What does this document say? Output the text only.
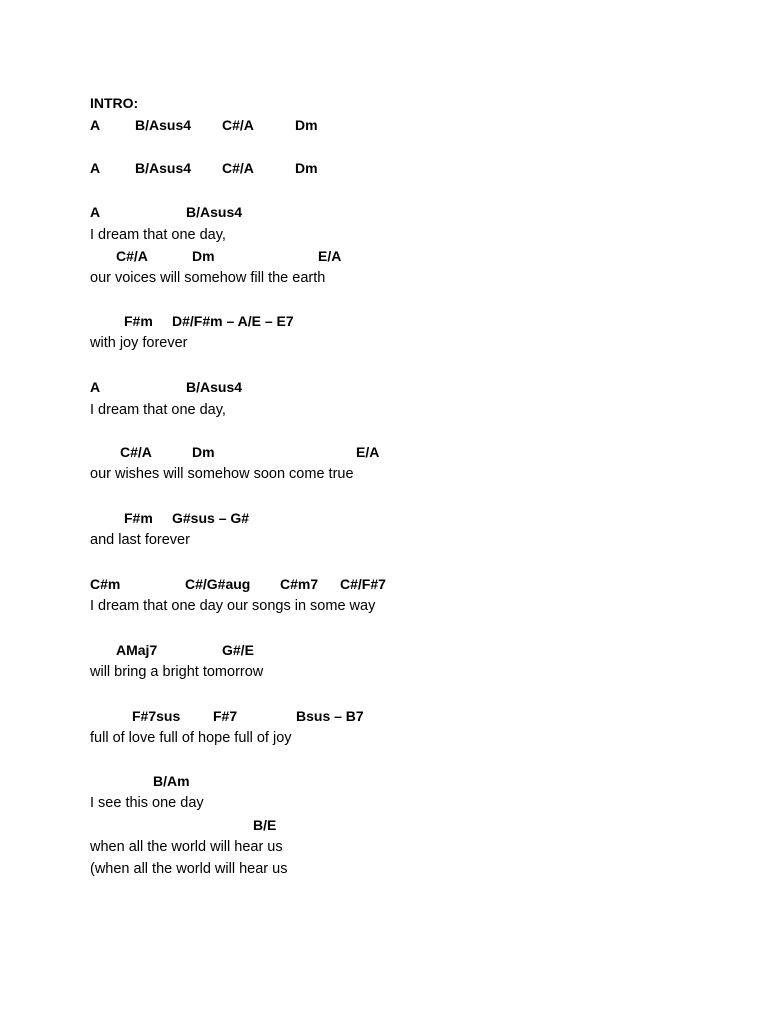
INTRO:
A B/Asus4 C#/A	Dm
A B/Asus4 C#/A	Dm
A	B/Asus4
I dream that one day,
C#/A	Dm	E/A
our voices will somehow fill the earth
F#m D#/F#m – A/E – E7
with joy forever
A	B/Asus4
I dream that one day,
C#/A	Dm	E/A
our wishes will somehow soon come true
F#m G#sus – G#
and last forever
C#m	C#/G#aug C#m7 C#/F#7
I dream that one day our songs in some way
AMaj7	G#/E
will bring a bright tomorrow
F#7sus F#7	Bsus – B7
full of love full of hope full of joy
B/Am
I see this one day
B/E
when all the world will hear us
(when all the world will hear us
